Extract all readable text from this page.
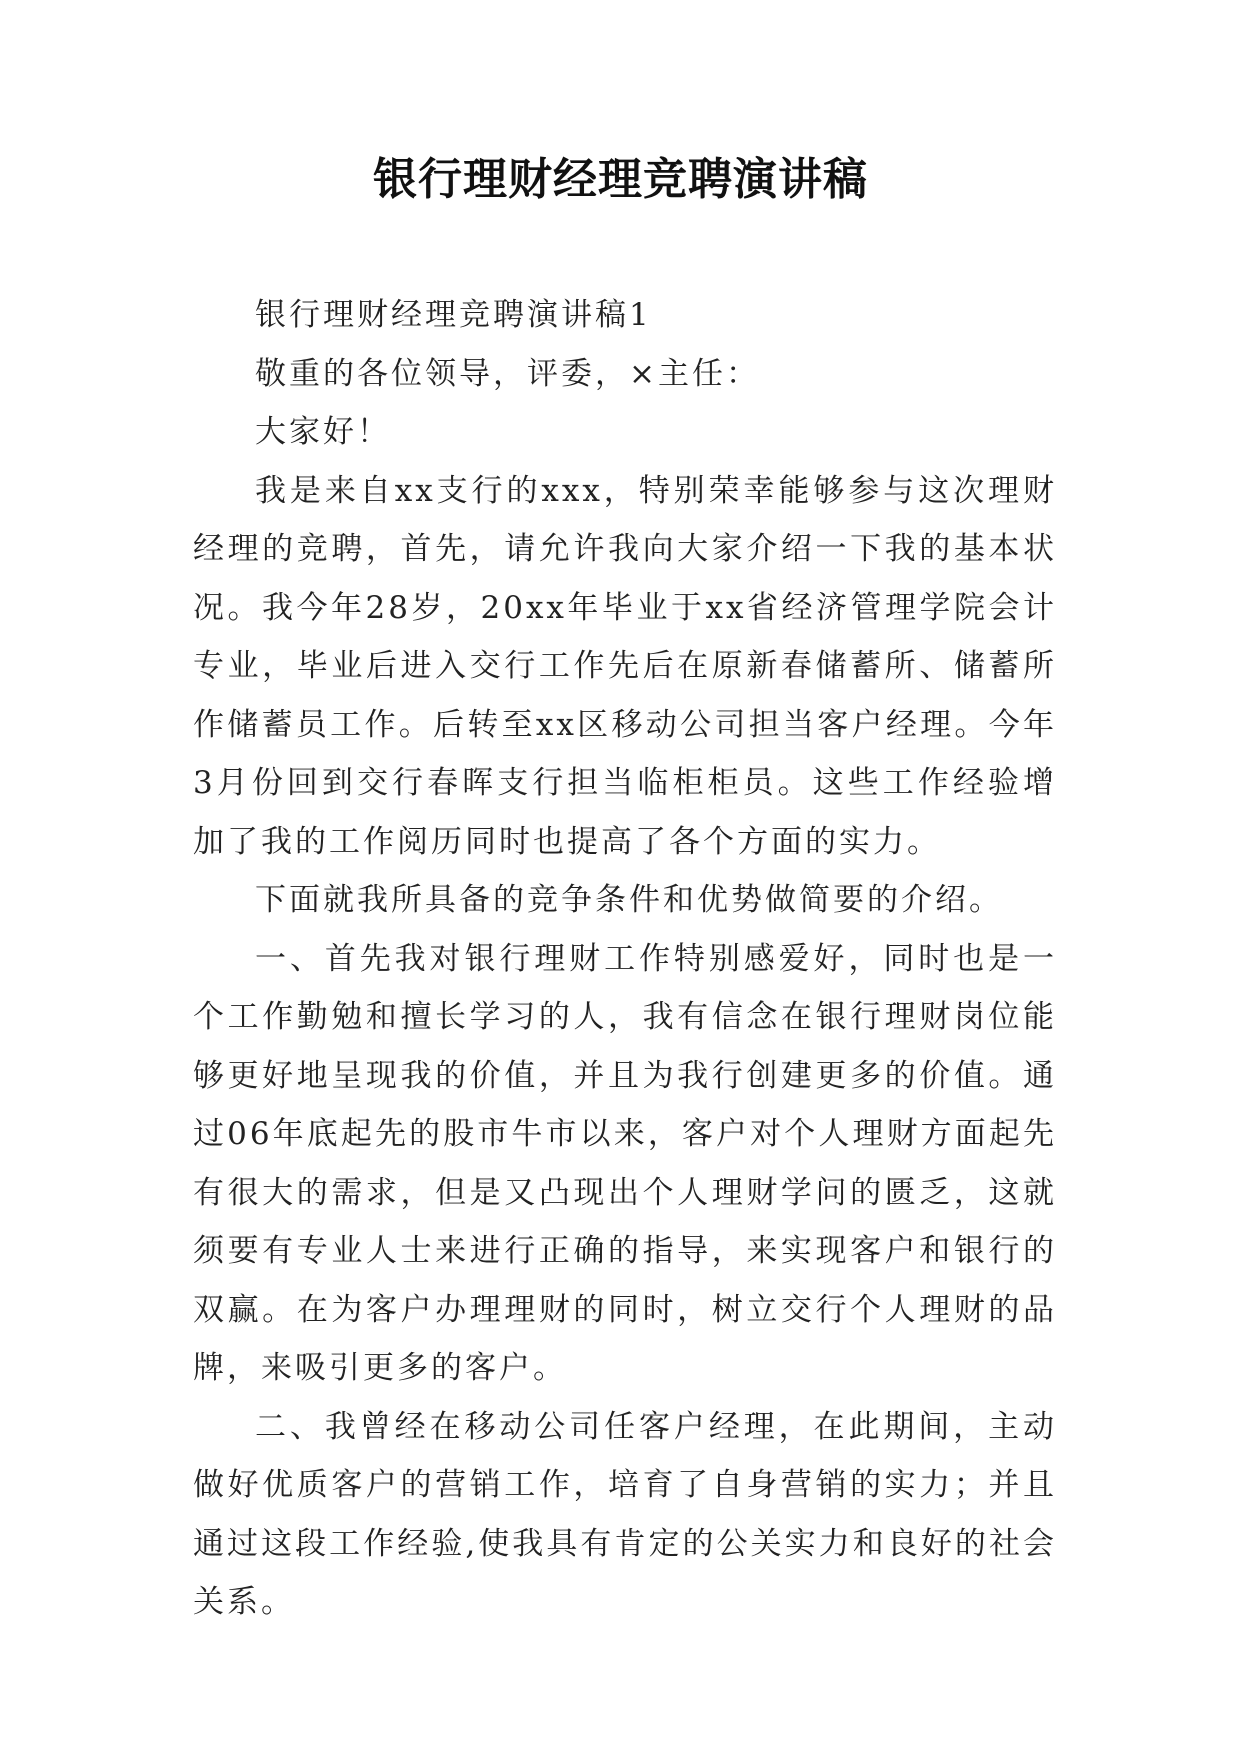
银行理财经理竞聘演讲稿

银行理财经理竞聘演讲稿1

敬重的各位领导，评委，×主任：

大家好！

我是来自xx支行的xxx，特别荣幸能够参与这次理财经理的竞聘，首先，请允许我向大家介绍一下我的基本状况。我今年28岁，20xx年毕业于xx省经济管理学院会计专业，毕业后进入交行工作先后在原新春储蓄所、储蓄所作储蓄员工作。后转至xx区移动公司担当客户经理。今年3月份回到交行春晖支行担当临柜柜员。这些工作经验增加了我的工作阅历同时也提高了各个方面的实力。

下面就我所具备的竞争条件和优势做简要的介绍。

一、首先我对银行理财工作特别感爱好，同时也是一个工作勤勉和擅长学习的人，我有信念在银行理财岗位能够更好地呈现我的价值，并且为我行创建更多的价值。通过06年底起先的股市牛市以来，客户对个人理财方面起先有很大的需求，但是又凸现出个人理财学问的匮乏，这就须要有专业人士来进行正确的指导，来实现客户和银行的双赢。在为客户办理理财的同时，树立交行个人理财的品牌，来吸引更多的客户。

二、我曾经在移动公司任客户经理，在此期间，主动做好优质客户的营销工作，培育了自身营销的实力；并且通过这段工作经验,使我具有肯定的公关实力和良好的社会关系。
